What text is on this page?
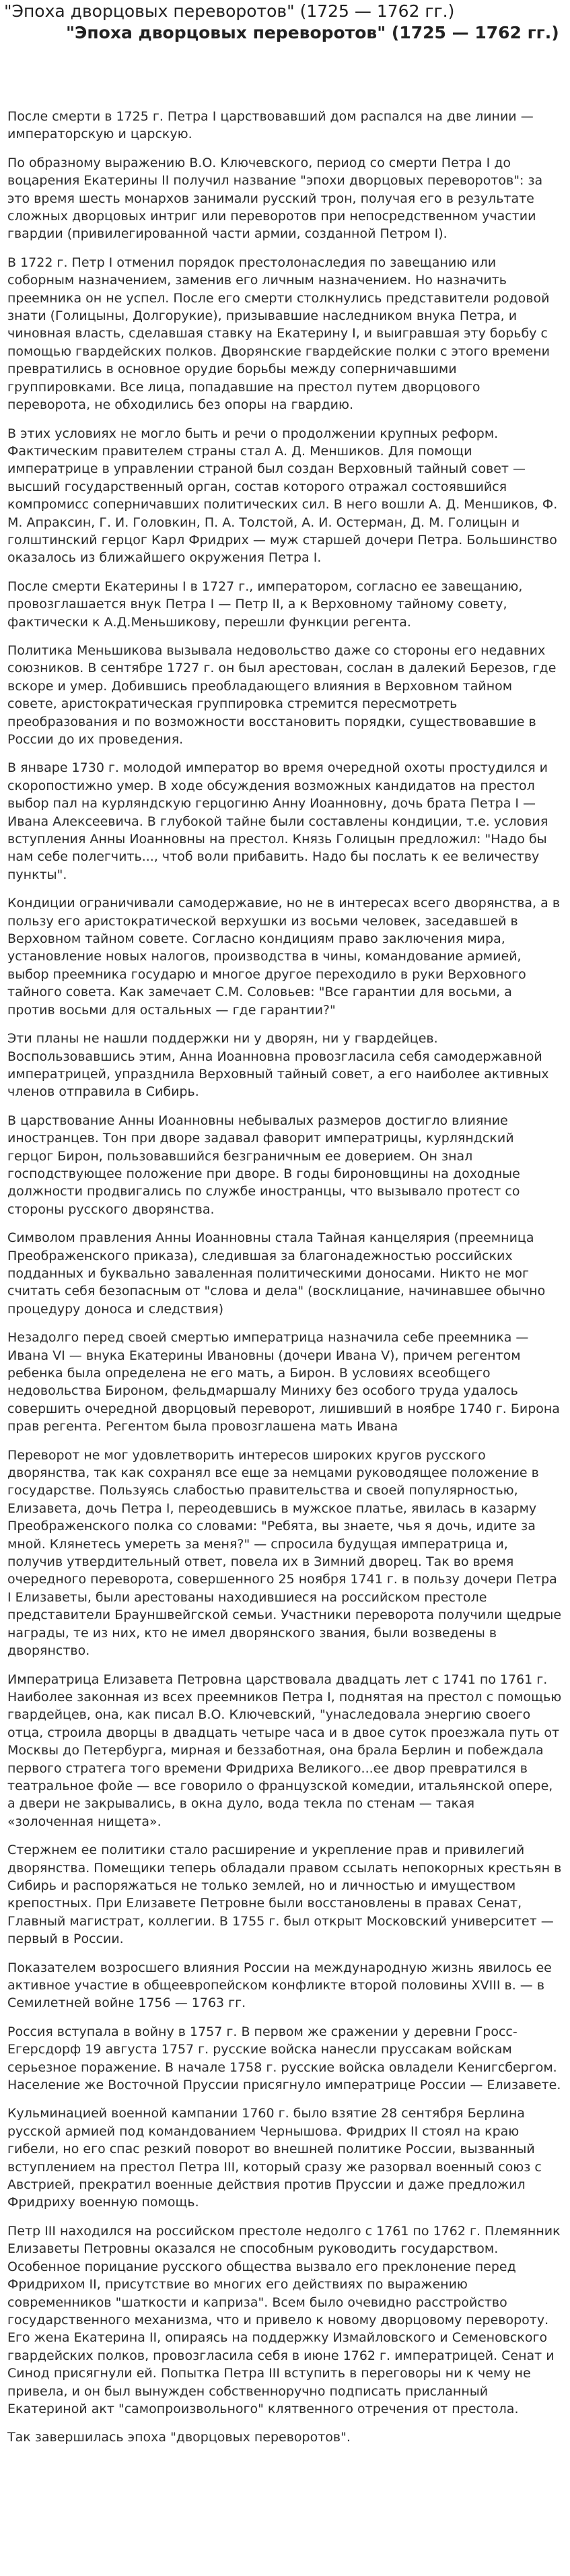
"Эпоха дворцовых переворотов" (1725 — 1762 гг.)
"Эпоха дворцовых переворотов" (1725 — 1762 гг.)

После смерти в 1725 г. Петра I царствовавший дом распался на две линии — императорскую и царскую.

По образному выражению В.О. Ключевского, период со смерти Петра I до воцарения Екатерины II получил название "эпохи дворцовых переворотов": за это время шесть монархов занимали русский трон, получая его в результате сложных дворцовых интриг или переворотов при непосредственном участии гвардии (привилегированной части армии, созданной Петром I).

В 1722 г. Петр I отменил порядок престолонаследия по завещанию или соборным назначением, заменив его личным назначением. Но назначить преемника он не успел. После его смерти столкнулись представители родовой знати (Голицыны, Долгорукие), призывавшие наследником внука Петра, и чиновная власть, сделавшая ставку на Екатерину I, и выигравшая эту борьбу с помощью гвардейских полков. Дворянские гвардейские полки с этого времени превратились в основное орудие борьбы между соперничавшими группировками. Все лица, попадавшие на престол путем дворцового переворота, не обходились без опоры на гвардию.

В этих условиях не могло быть и речи о продолжении крупных реформ. Фактическим правителем страны стал А. Д. Меншиков. Для помощи императрице в управлении страной был создан Верховный тайный совет — высший государственный орган, состав которого отражал состоявшийся компромисс соперничавших политических сил. В него вошли А. Д. Меншиков, Ф. М. Апраксин, Г. И. Головкин, П. А. Толстой, А. И. Остерман, Д. М. Голицын и голштинский герцог Карл Фридрих — муж старшей дочери Петра. Большинство оказалось из ближайшего окружения Петра I.

После смерти Екатерины I в 1727 г., императором, согласно ее завещанию, провозглашается внук Петра I — Петр II, а к Верховному тайному совету, фактически к А.Д.Меньшикову, перешли функции регента.

Политика Меньшикова вызывала недовольство даже со стороны его недавних союзников. В сентябре 1727 г. он был арестован, сослан в далекий Березов, где вскоре и умер. Добившись преобладающего влияния в Верховном тайном совете, аристократическая группировка стремится пересмотреть преобразования и по возможности восстановить порядки, существовавшие в России до их проведения.

В январе 1730 г. молодой император во время очередной охоты простудился и скоропостижно умер. В ходе обсуждения возможных кандидатов на престол выбор пал на курляндскую герцогиню Анну Иоанновну, дочь брата Петра I — Ивана Алексеевича. В глубокой тайне были составлены кондиции, т.е. условия вступления Анны Иоанновны на престол. Князь Голицын предложил: "Надо бы нам себе полегчить..., чтоб воли прибавить. Надо бы послать к ее величеству пункты".

Кондиции ограничивали самодержавие, но не в интересах всего дворянства, а в пользу его аристократической верхушки из восьми человек, заседавшей в Верховном тайном совете. Согласно кондициям право заключения мира, установление новых налогов, производства в чины, командование армией, выбор преемника государю и многое другое переходило в руки Верховного тайного совета. Как замечает С.М. Соловьев: "Все гарантии для восьми, а против восьми для остальных — где гарантии?"

Эти планы не нашли поддержки ни у дворян, ни у гвардейцев. Воспользовавшись этим, Анна Иоанновна провозгласила себя самодержавной императрицей, упразднила Верховный тайный совет, а его наиболее активных членов отправила в Сибирь.

В царствование Анны Иоанновны небывалых размеров достигло влияние иностранцев. Тон при дворе задавал фаворит императрицы, курляндский герцог Бирон, пользовавшийся безграничным ее доверием. Он знал господствующее положение при дворе. В годы бироновщины на доходные должности продвигались по службе иностранцы, что вызывало протест со стороны русского дворянства.

Символом правления Анны Иоанновны стала Тайная канцелярия (преемница Преображенского приказа), следившая за благонадежностью российских подданных и буквально заваленная политическими доносами. Никто не мог считать себя безопасным от "слова и дела" (восклицание, начинавшее обычно процедуру доноса и следствия)

Незадолго перед своей смертью императрица назначила себе преемника — Ивана VI — внука Екатерины Ивановны (дочери Ивана V), причем регентом ребенка была определена не его мать, а Бирон. В условиях всеобщего недовольства Бироном, фельдмаршалу Миниху без особого труда удалось совершить очередной дворцовый переворот, лишивший в ноябре 1740 г. Бирона прав регента. Регентом была провозглашена мать Ивана

Переворот не мог удовлетворить интересов широких кругов русского дворянства, так как сохранял все еще за немцами руководящее положение в государстве. Пользуясь слабостью правительства и своей популярностью, Елизавета, дочь Петра I, переодевшись в мужское платье, явилась в казарму Преображенского полка со словами: "Ребята, вы знаете, чья я дочь, идите за мной. Клянетесь умереть за меня?" — спросила будущая императрица и, получив утвердительный ответ, повела их в Зимний дворец. Так во время очередного переворота, совершенного 25 ноября 1741 г. в пользу дочери Петра I Елизаветы, были арестованы находившиеся на российском престоле представители Брауншвейгской семьи. Участники переворота получили щедрые награды, те из них, кто не имел дворянского звания, были возведены в дворянство.

Императрица Елизавета Петровна царствовала двадцать лет с 1741 по 1761 г. Наиболее законная из всех преемников Петра I, поднятая на престол с помощью гвардейцев, она, как писал В.О. Ключевский, "унаследовала энергию своего отца, строила дворцы в двадцать четыре часа и в двое суток проезжала путь от Москвы до Петербурга, мирная и беззаботная, она брала Берлин и побеждала первого стратега того времени Фридриха Великого...ее двор превратился в театральное фойе — все говорило о французской комедии, итальянской опере, а двери не закрывались, в окна дуло, вода текла по стенам — такая «золоченная нищета».

Стержнем ее политики стало расширение и укрепление прав и привилегий дворянства. Помещики теперь обладали правом ссылать непокорных крестьян в Сибирь и распоряжаться не только землей, но и личностью и имуществом крепостных. При Елизавете Петровне были восстановлены в правах Сенат, Главный магистрат, коллегии. В 1755 г. был открыт Московский университет — первый в России.

Показателем возросшего влияния России на международную жизнь явилось ее активное участие в общеевропейском конфликте второй половины XVIII в. — в Семилетней войне 1756 — 1763 гг.

Россия вступала в войну в 1757 г. В первом же сражении у деревни Гросс-Егерсдорф 19 августа 1757 г. русские войска нанесли пруссакам войскам серьезное поражение. В начале 1758 г. русские войска овладели Кенигсбергом. Население же Восточной Пруссии присягнуло императрице России — Елизавете.

Кульминацией военной кампании 1760 г. было взятие 28 сентября Берлина русской армией под командованием Чернышова. Фридрих II стоял на краю гибели, но его спас резкий поворот во внешней политике России, вызванный вступлением на престол Петра III, который сразу же разорвал военный союз с Австрией, прекратил военные действия против Пруссии и даже предложил Фридриху военную помощь.

Петр III находился на российском престоле недолго с 1761 по 1762 г. Племянник Елизаветы Петровны оказался не способным руководить государством. Особенное порицание русского общества вызвало его преклонение перед Фридрихом II, присутствие во многих его действиях по выражению современников "шаткости и каприза". Всем было очевидно расстройство государственного механизма, что и привело к новому дворцовому перевороту. Его жена Екатерина II, опираясь на поддержку Измайловского и Семеновского гвардейских полков, провозгласила себя в июне 1762 г. императрицей. Сенат и Синод присягнули ей. Попытка Петра III вступить в переговоры ни к чему не привела, и он был вынужден собственноручно подписать присланный Екатериной акт "самопроизвольного" клятвенного отречения от престола.

Так завершилась эпоха "дворцовых переворотов".
